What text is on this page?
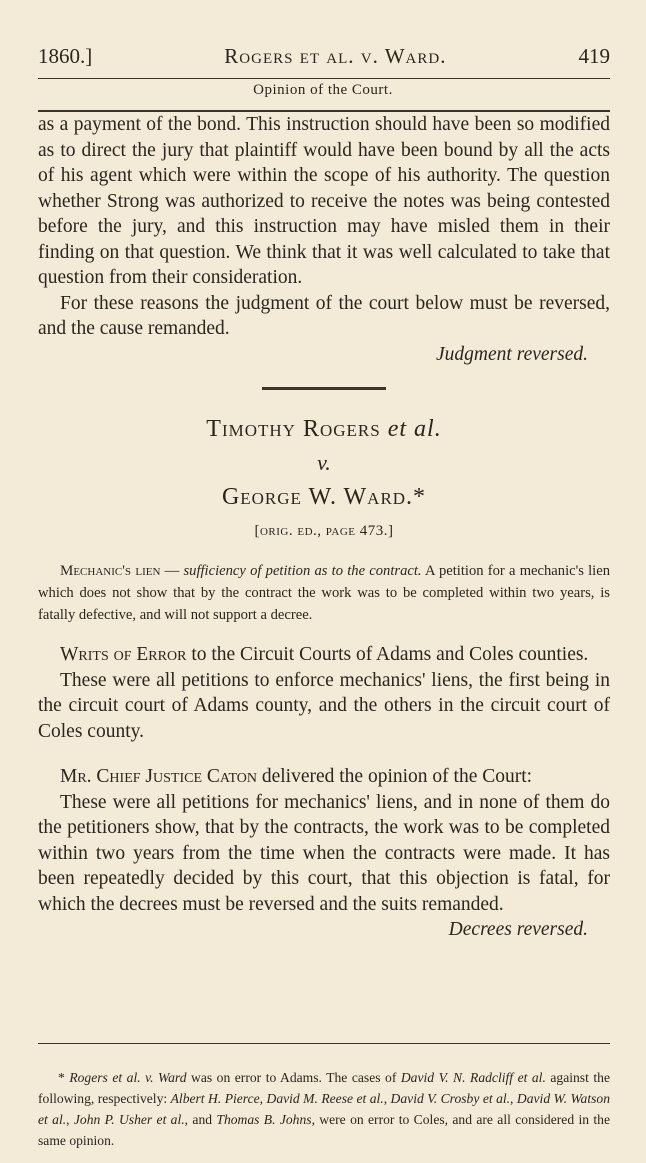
1860.]	Rogers et al. v. Ward.	419
Opinion of the Court.

as a payment of the bond. This instruction should have been so modified as to direct the jury that plaintiff would have been bound by all the acts of his agent which were within the scope of his authority. The question whether Strong was authorized to receive the notes was being contested before the jury, and this instruction may have misled them in their finding on that question. We think that it was well calculated to take that question from their consideration.

For these reasons the judgment of the court below must be reversed, and the cause remanded.

Judgment reversed.
Timothy Rogers et al.
v.
George W. Ward.*
[orig. ed., page 473.]

Mechanic's lien — sufficiency of petition as to the contract. A petition for a mechanic's lien which does not show that by the contract the work was to be completed within two years, is fatally defective, and will not support a decree.

Writs of Error to the Circuit Courts of Adams and Coles counties.

These were all petitions to enforce mechanics' liens, the first being in the circuit court of Adams county, and the others in the circuit court of Coles county.

Mr. Chief Justice Caton delivered the opinion of the Court:

These were all petitions for mechanics' liens, and in none of them do the petitioners show, that by the contracts, the work was to be completed within two years from the time when the contracts were made. It has been repeatedly decided by this court, that this objection is fatal, for which the decrees must be reversed and the suits remanded.

Decrees reversed.

* Rogers et al. v. Ward was on error to Adams. The cases of David V. N. Radcliff et al. against the following, respectively: Albert H. Pierce, David M. Reese et al., David V. Crosby et al., David W. Watson et al., John P. Usher et al., and Thomas B. Johns, were on error to Coles, and are all considered in the same opinion.
